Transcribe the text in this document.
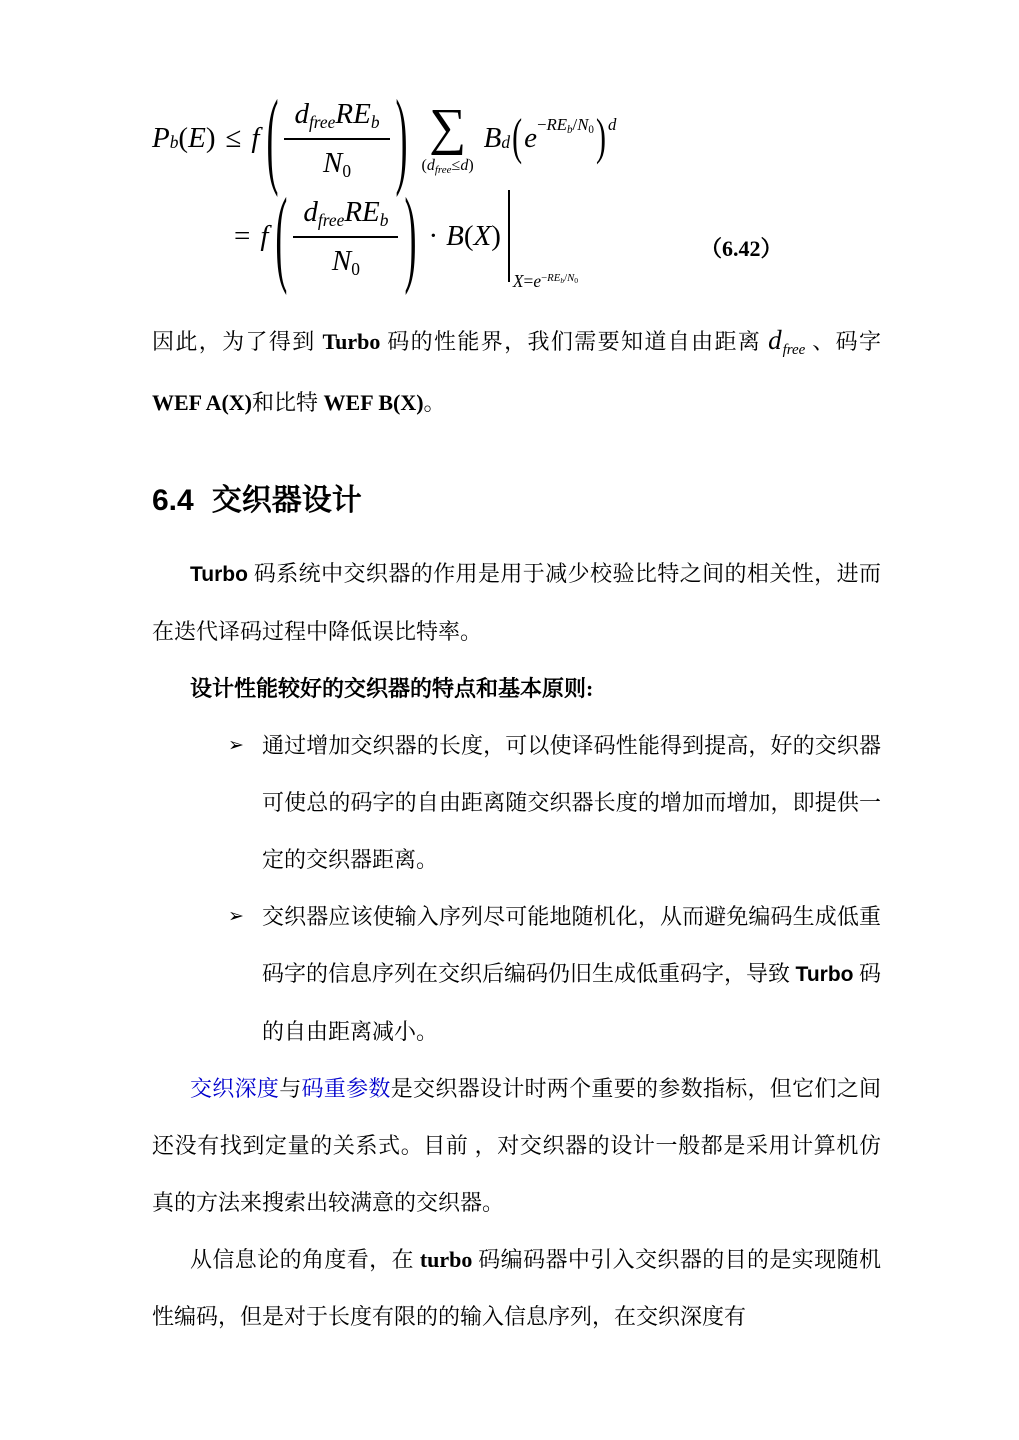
P b ( E ) ≤ f ( $\frac{\text{dfreeREb}}{N0}$ ) ∑
(dfree≤d)
B d ( e −REb/N0 ) d
= f ( $\frac{\text{dfreeREb}}{N0}$ ) · B ( X )
$X=e^{-REb/N0}$
（6.42）

因此，为了得到 Turbo 码的性能界，我们需要知道自由距离 dfree 、码字 WEF A(X)和比特 WEF B(X)。

6.4 交织器设计

Turbo 码系统中交织器的作用是用于减少校验比特之间的相关性，进而在迭代译码过程中降低误比特率。

设计性能较好的交织器的特点和基本原则:

➢ 通过增加交织器的长度，可以使译码性能得到提高，好的交织器可使总的码字的自由距离随交织器长度的增加而增加，即提供一定的交织器距离。
➢ 交织器应该使输入序列尽可能地随机化，从而避免编码生成低重码字的信息序列在交织后编码仍旧生成低重码字，导致 Turbo 码的自由距离减小。

交织深度与码重参数是交织器设计时两个重要的参数指标，但它们之间还没有找到定量的关系式。目前 ，对交织器的设计一般都是采用计算机仿真的方法来搜索出较满意的交织器。

从信息论的角度看，在 turbo 码编码器中引入交织器的目的是实现随机性编码，但是对于长度有限的的输入信息序列，在交织深度有
